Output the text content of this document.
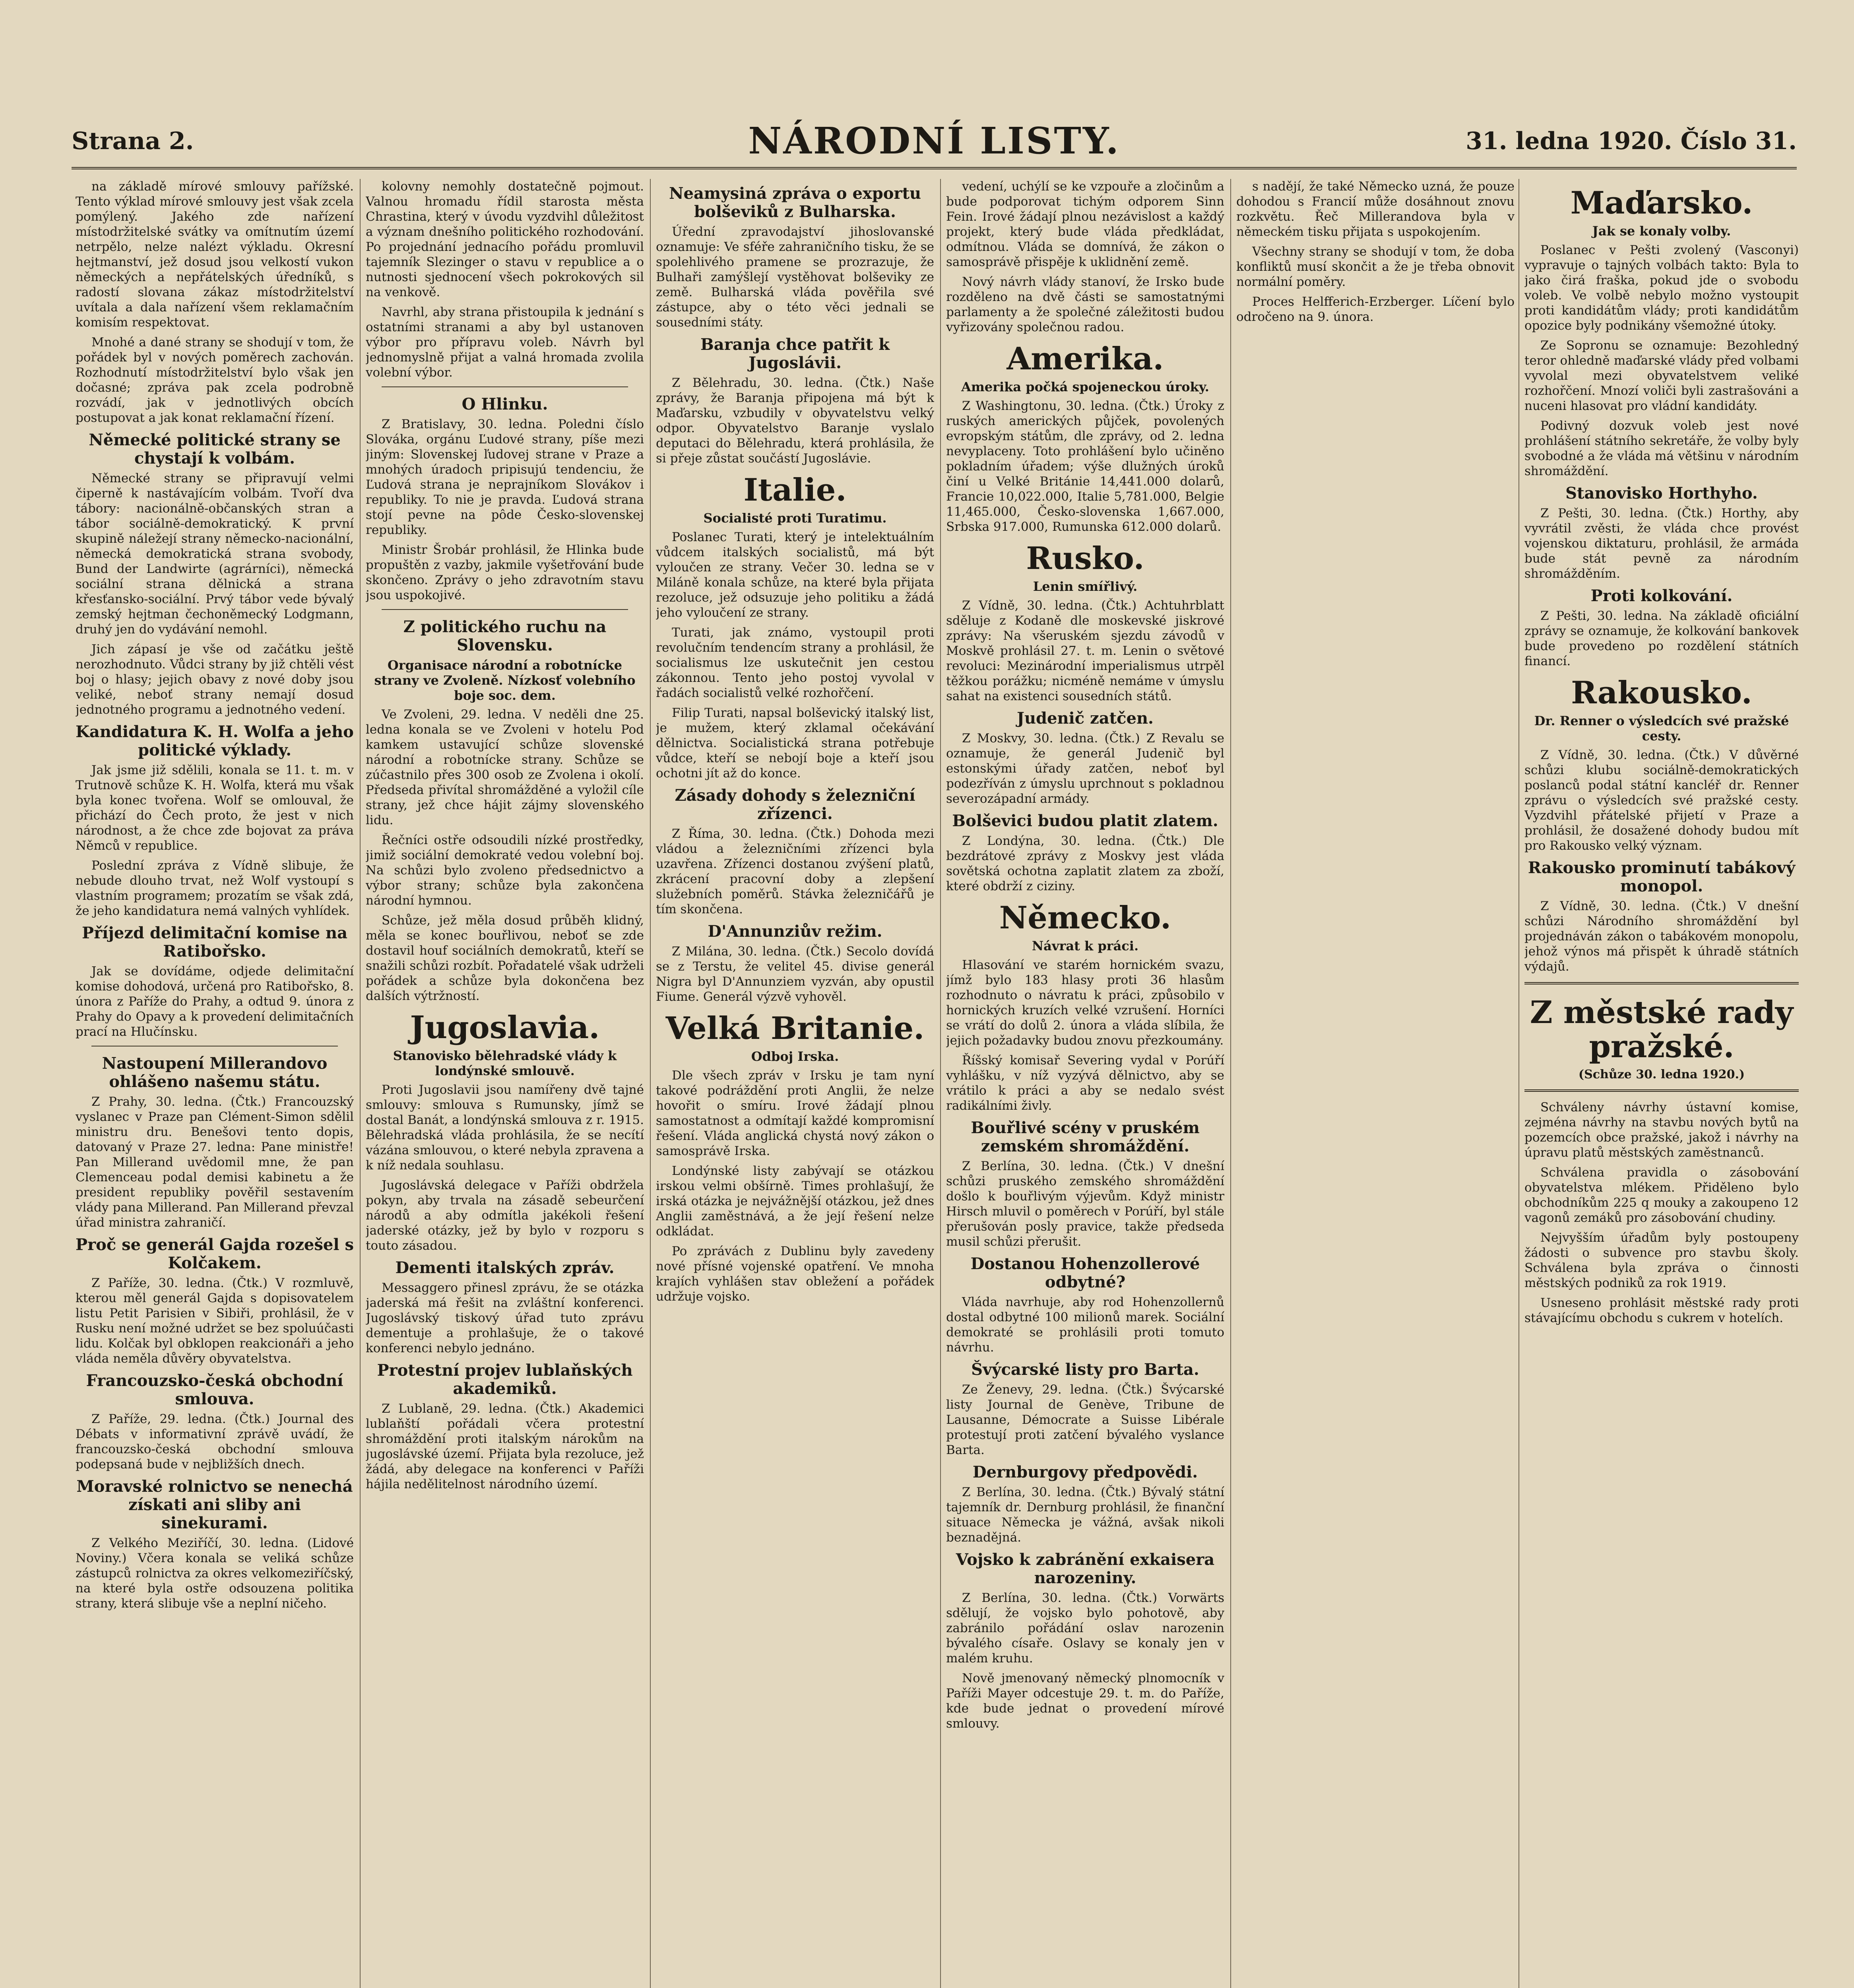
Strana 2.	NÁRODNÍ LISTY.	31. ledna 1920. Číslo 31.

na základě mírové smlouvy pařížské. Tento výklad mírové smlouvy jest však zcela pomýlený. Jakého zde nařízení místodržitelské svátky va omítnutím území netrpělo, nelze nalézt výkladu. Okresní hejtmanství, jež dosud jsou velkostí vukon německých a nepřátelských úředníků, s radostí slovana zákaz místodržitelství uvítala a dala nařízení všem reklamačním komisím respektovat.

Mnohé a dané strany se shodují v tom, že pořádek byl v nových poměrech zachován. Rozhodnutí místodržitelství bylo však jen dočasné; zpráva pak zcela podrobně rozvádí, jak v jednotlivých obcích postupovat a jak konat reklamační řízení.

Německé politické strany se chystají k volbám.

Německé strany se připravují velmi čiperně k nastávajícím volbám. Tvoří dva tábory: nacionálně-občanských stran a tábor sociálně-demokratický. K první skupině náležejí strany německo-nacionální, německá demokratická strana svobody, Bund der Landwirte (agrárníci), německá sociální strana dělnická a strana křesťansko-sociální. Prvý tábor vede bývalý zemský hejtman čechoněmecký Lodgmann, druhý jen do vydávání nemohl.

Jich zápasí je vše od začátku ještě nerozhodnuto. Vůdci strany by již chtěli vést boj o hlasy; jejich obavy z nové doby jsou veliké, neboť strany nemají dosud jednotného programu a jednotného vedení.

Kandidatura K. H. Wolfa a jeho politické výklady.

Jak jsme již sdělili, konala se 11. t. m. v Trutnově schůze K. H. Wolfa, která mu však byla konec tvořena. Wolf se omlouval, že přichází do Čech proto, že jest v nich národnost, a že chce zde bojovat za práva Němců v republice.

Poslední zpráva z Vídně slibuje, že nebude dlouho trvat, než Wolf vystoupí s vlastním programem; prozatím se však zdá, že jeho kandidatura nemá valných vyhlídek.

Příjezd delimitační komise na Ratibořsko.

Jak se dovídáme, odjede delimitační komise dohodová, určená pro Ratibořsko, 8. února z Paříže do Prahy, a odtud 9. února z Prahy do Opavy a k provedení delimitačních prací na Hlučínsku.

Nastoupení Millerandovo ohlášeno našemu státu.

Z Prahy, 30. ledna. (Čtk.) Francouzský vyslanec v Praze pan Clément-Simon sdělil ministru dru. Benešovi tento dopis, datovaný v Praze 27. ledna: Pane ministře! Pan Millerand uvědomil mne, že pan Clemenceau podal demisi kabinetu a že president republiky pověřil sestavením vlády pana Millerand. Pan Millerand převzal úřad ministra zahraničí.

Proč se generál Gajda rozešel s Kolčakem.

Z Paříže, 30. ledna. (Čtk.) V rozmluvě, kterou měl generál Gajda s dopisovatelem listu Petit Parisien v Sibiři, prohlásil, že v Rusku není možné udržet se bez spoluúčasti lidu. Kolčak byl obklopen reakcionáři a jeho vláda neměla důvěry obyvatelstva.

Francouzsko-česká obchodní smlouva.

Z Paříže, 29. ledna. (Čtk.) Journal des Débats v informativní zprávě uvádí, že francouzsko-česká obchodní smlouva podepsaná bude v nejbližších dnech.

Moravské rolnictvo se nenechá získati ani sliby ani sinekurami.

Z Velkého Meziříčí, 30. ledna. (Lidové Noviny.) Včera konala se veliká schůze zástupců rolnictva za okres velkomeziříčský, na které byla ostře odsouzena politika strany, která slibuje vše a neplní ničeho.

kolovny nemohly dostatečně pojmout. Valnou hromadu řídil starosta města Chrastina, který v úvodu vyzdvihl důležitost a význam dnešního politického rozhodování. Po projednání jednacího pořádu promluvil tajemník Slezinger o stavu v republice a o nutnosti sjednocení všech pokrokových sil na venkově.

Navrhl, aby strana přistoupila k jednání s ostatními stranami a aby byl ustanoven výbor pro přípravu voleb. Návrh byl jednomyslně přijat a valná hromada zvolila volební výbor.

O Hlinku.

Z Bratislavy, 30. ledna. Poledni číslo Slováka, orgánu Ľudové strany, píše mezi jiným: Slovenskej ľudovej strane v Praze a mnohých úradoch pripisujú tendenciu, že Ľudová strana je neprajníkom Slovákov i republiky. To nie je pravda. Ľudová strana stojí pevne na pôde Česko-slovenskej republiky.

Ministr Šrobár prohlásil, že Hlinka bude propuštěn z vazby, jakmile vyšetřování bude skončeno. Zprávy o jeho zdravotním stavu jsou uspokojivé.

Z politického ruchu na Slovensku.
Organisace národní a robotnícke strany ve Zvoleně. Nízkosť volebního boje soc. dem.

Ve Zvoleni, 29. ledna. V neděli dne 25. ledna konala se ve Zvoleni v hotelu Pod kamkem ustavující schůze slovenské národní a robotnícke strany. Schůze se zúčastnilo přes 300 osob ze Zvolena i okolí. Předseda přivítal shromážděné a vyložil cíle strany, jež chce hájit zájmy slovenského lidu.

Řečníci ostře odsoudili nízké prostředky, jimiž sociální demokraté vedou volební boj. Na schůzi bylo zvoleno předsednictvo a výbor strany; schůze byla zakončena národní hymnou.

Schůze, jež měla dosud průběh klidný, měla se konec bouřlivou, neboť se zde dostavil houf sociálních demokratů, kteří se snažili schůzi rozbít. Pořadatelé však udrželi pořádek a schůze byla dokončena bez dalších výtržností.

Jugoslavia.
Stanovisko bělehradské vlády k londýnské smlouvě.

Proti Jugoslavii jsou namířeny dvě tajné smlouvy: smlouva s Rumunsky, jímž se dostal Banát, a londýnská smlouva z r. 1915. Bělehradská vláda prohlásila, že se necítí vázána smlouvou, o které nebyla zpravena a k níž nedala souhlasu.

Jugoslávská delegace v Paříži obdržela pokyn, aby trvala na zásadě sebeurčení národů a aby odmítla jakékoli řešení jaderské otázky, jež by bylo v rozporu s touto zásadou.

Dementi italských zpráv.

Messaggero přinesl zprávu, že se otázka jaderská má řešit na zvláštní konferenci. Jugoslávský tiskový úřad tuto zprávu dementuje a prohlašuje, že o takové konferenci nebylo jednáno.

Protestní projev lublaňských akademiků.

Z Lublaně, 29. ledna. (Čtk.) Akademici lublaňští pořádali včera protestní shromáždění proti italským nárokům na jugoslávské území. Přijata byla rezoluce, jež žádá, aby delegace na konferenci v Paříži hájila nedělitelnost národního území.

Neamysiná zpráva o exportu bolševiků z Bulharska.

Úřední zpravodajství jihoslovanské oznamuje: Ve sféře zahraničního tisku, že se spolehlivého pramene se prozrazuje, že Bulhaři zamýšlejí vystěhovat bolševiky ze země. Bulharská vláda pověřila své zástupce, aby o této věci jednali se sousedními státy.

Baranja chce patřit k Jugoslávii.

Z Bělehradu, 30. ledna. (Čtk.) Naše zprávy, že Baranja připojena má být k Maďarsku, vzbudily v obyvatelstvu velký odpor. Obyvatelstvo Baranje vyslalo deputaci do Bělehradu, která prohlásila, že si přeje zůstat součástí Jugoslávie.

Italie.
Socialisté proti Turatimu.

Poslanec Turati, který je intelektuálním vůdcem italských socialistů, má být vyloučen ze strany. Večer 30. ledna se v Miláně konala schůze, na které byla přijata rezoluce, jež odsuzuje jeho politiku a žádá jeho vyloučení ze strany.

Turati, jak známo, vystoupil proti revolučním tendencím strany a prohlásil, že socialismus lze uskutečnit jen cestou zákonnou. Tento jeho postoj vyvolal v řadách socialistů velké rozhořčení.

Filip Turati, napsal bolševický italský list, je mužem, který zklamal očekávání dělnictva. Socialistická strana potřebuje vůdce, kteří se nebojí boje a kteří jsou ochotni jít až do konce.

Zásady dohody s železniční zřízenci.

Z Říma, 30. ledna. (Čtk.) Dohoda mezi vládou a železničními zřízenci byla uzavřena. Zřízenci dostanou zvýšení platů, zkrácení pracovní doby a zlepšení služebních poměrů. Stávka železničářů je tím skončena.

D'Annunziův režim.

Z Milána, 30. ledna. (Čtk.) Secolo dovídá se z Terstu, že velitel 45. divise generál Nigra byl D'Annunziem vyzván, aby opustil Fiume. Generál výzvě vyhověl.

Velká Britanie.
Odboj Irska.

Dle všech zpráv v Irsku je tam nyní takové podráždění proti Anglii, že nelze hovořit o smíru. Irové žádají plnou samostatnost a odmítají každé kompromisní řešení. Vláda anglická chystá nový zákon o samosprávě Irska.

Londýnské listy zabývají se otázkou irskou velmi obšírně. Times prohlašují, že irská otázka je nejvážnější otázkou, jež dnes Anglii zaměstnává, a že její řešení nelze odkládat.

Po zprávách z Dublinu byly zavedeny nové přísné vojenské opatření. Ve mnoha krajích vyhlášen stav obležení a pořádek udržuje vojsko.

vedení, uchýlí se ke vzpouře a zločinům a bude podporovat tichým odporem Sinn Fein. Irové žádají plnou nezávislost a každý projekt, který bude vláda předkládat, odmítnou. Vláda se domnívá, že zákon o samosprávě přispěje k uklidnění země.

Nový návrh vlády stanoví, že Irsko bude rozděleno na dvě části se samostatnými parlamenty a že společné záležitosti budou vyřizovány společnou radou.

Amerika.
Amerika počká spojeneckou úroky.

Z Washingtonu, 30. ledna. (Čtk.) Úroky z ruských amerických půjček, povolených evropským státům, dle zprávy, od 2. ledna nevyplaceny. Toto prohlášení bylo učiněno pokladním úřadem; výše dlužných úroků činí u Velké Británie 14,441.000 dolarů, Francie 10,022.000, Italie 5,781.000, Belgie 11,465.000, Česko-slovenska 1,667.000, Srbska 917.000, Rumunska 612.000 dolarů.

Rusko.
Lenin smířlivý.

Z Vídně, 30. ledna. (Čtk.) Achtuhrblatt sděluje z Kodaně dle moskevské jiskrové zprávy: Na všeruském sjezdu závodů v Moskvě prohlásil 27. t. m. Lenin o světové revoluci: Mezinárodní imperialismus utrpěl těžkou porážku; nicméně nemáme v úmyslu sahat na existenci sousedních států.

Judenič zatčen.

Z Moskvy, 30. ledna. (Čtk.) Z Revalu se oznamuje, že generál Judenič byl estonskými úřady zatčen, neboť byl podezříván z úmyslu uprchnout s pokladnou severozápadní armády.

Bolševici budou platit zlatem.

Z Londýna, 30. ledna. (Čtk.) Dle bezdrátové zprávy z Moskvy jest vláda sovětská ochotna zaplatit zlatem za zboží, které obdrží z ciziny.

Německo.
Návrat k práci.

Hlasování ve starém hornickém svazu, jímž bylo 183 hlasy proti 36 hlasům rozhodnuto o návratu k práci, způsobilo v hornických kruzích velké vzrušení. Horníci se vrátí do dolů 2. února a vláda slíbila, že jejich požadavky budou znovu přezkoumány.

Říšský komisař Severing vydal v Porúří vyhlášku, v níž vyzývá dělnictvo, aby se vrátilo k práci a aby se nedalo svést radikálními živly.

Bouřlivé scény v pruském zemském shromáždění.

Z Berlína, 30. ledna. (Čtk.) V dnešní schůzi pruského zemského shromáždění došlo k bouřlivým výjevům. Když ministr Hirsch mluvil o poměrech v Porúří, byl stále přerušován posly pravice, takže předseda musil schůzi přerušit.

Dostanou Hohenzollerové odbytné?

Vláda navrhuje, aby rod Hohenzollernů dostal odbytné 100 milionů marek. Sociální demokraté se prohlásili proti tomuto návrhu.

Švýcarské listy pro Barta.

Ze Ženevy, 29. ledna. (Čtk.) Švýcarské listy Journal de Genève, Tribune de Lausanne, Démocrate a Suisse Libérale protestují proti zatčení bývalého vyslance Barta.

Dernburgovy předpovědi.

Z Berlína, 30. ledna. (Čtk.) Bývalý státní tajemník dr. Dernburg prohlásil, že finanční situace Německa je vážná, avšak nikoli beznadějná.

Vojsko k zabránění exkaisera narozeniny.

Z Berlína, 30. ledna. (Čtk.) Vorwärts sdělují, že vojsko bylo pohotově, aby zabránilo pořádání oslav narozenin bývalého císaře. Oslavy se konaly jen v malém kruhu.

Nově jmenovaný německý plnomocník v Paříži Mayer odcestuje 29. t. m. do Paříže, kde bude jednat o provedení mírové smlouvy.

s nadějí, že také Německo uzná, že pouze dohodou s Francií může dosáhnout znovu rozkvětu. Řeč Millerandova byla v německém tisku přijata s uspokojením.

Všechny strany se shodují v tom, že doba konfliktů musí skončit a že je třeba obnovit normální poměry.

Proces Helfferich-Erzberger. Líčení bylo odročeno na 9. února.

Maďarsko.
Jak se konaly volby.

Poslanec v Pešti zvolený (Vasconyi) vypravuje o tajných volbách takto: Byla to jako čirá fraška, pokud jde o svobodu voleb. Ve volbě nebylo možno vystoupit proti kandidátům vlády; proti kandidátům opozice byly podnikány všemožné útoky.

Ze Sopronu se oznamuje: Bezohledný teror ohledně maďarské vlády před volbami vyvolal mezi obyvatelstvem veliké rozhořčení. Mnozí voliči byli zastrašováni a nuceni hlasovat pro vládní kandidáty.

Podivný dozvuk voleb jest nové prohlášení státního sekretáře, že volby byly svobodné a že vláda má většinu v národním shromáždění.

Stanovisko Horthyho.

Z Pešti, 30. ledna. (Čtk.) Horthy, aby vyvrátil zvěsti, že vláda chce provést vojenskou diktaturu, prohlásil, že armáda bude stát pevně za národním shromážděním.

Proti kolkování.

Z Pešti, 30. ledna. Na základě oficiální zprávy se oznamuje, že kolkování bankovek bude provedeno po rozdělení státních financí.

Rakousko.
Dr. Renner o výsledcích své pražské cesty.

Z Vídně, 30. ledna. (Čtk.) V důvěrné schůzi klubu sociálně-demokratických poslanců podal státní kancléř dr. Renner zprávu o výsledcích své pražské cesty. Vyzdvihl přátelské přijetí v Praze a prohlásil, že dosažené dohody budou mít pro Rakousko velký význam.

Rakousko prominutí tabákový monopol.

Z Vídně, 30. ledna. (Čtk.) V dnešní schůzi Národního shromáždění byl projednáván zákon o tabákovém monopolu, jehož výnos má přispět k úhradě státních výdajů.

Z městské rady pražské.
(Schůze 30. ledna 1920.)

Schváleny návrhy ústavní komise, zejména návrhy na stavbu nových bytů na pozemcích obce pražské, jakož i návrhy na úpravu platů městských zaměstnanců.

Schválena pravidla o zásobování obyvatelstva mlékem. Přiděleno bylo obchodníkům 225 q mouky a zakoupeno 12 vagonů zemáků pro zásobování chudiny.

Nejvyšším úřadům byly postoupeny žádosti o subvence pro stavbu školy. Schválena byla zpráva o činnosti městských podniků za rok 1919.

Usneseno prohlásit městské rady proti stávajícímu obchodu s cukrem v hotelích.
